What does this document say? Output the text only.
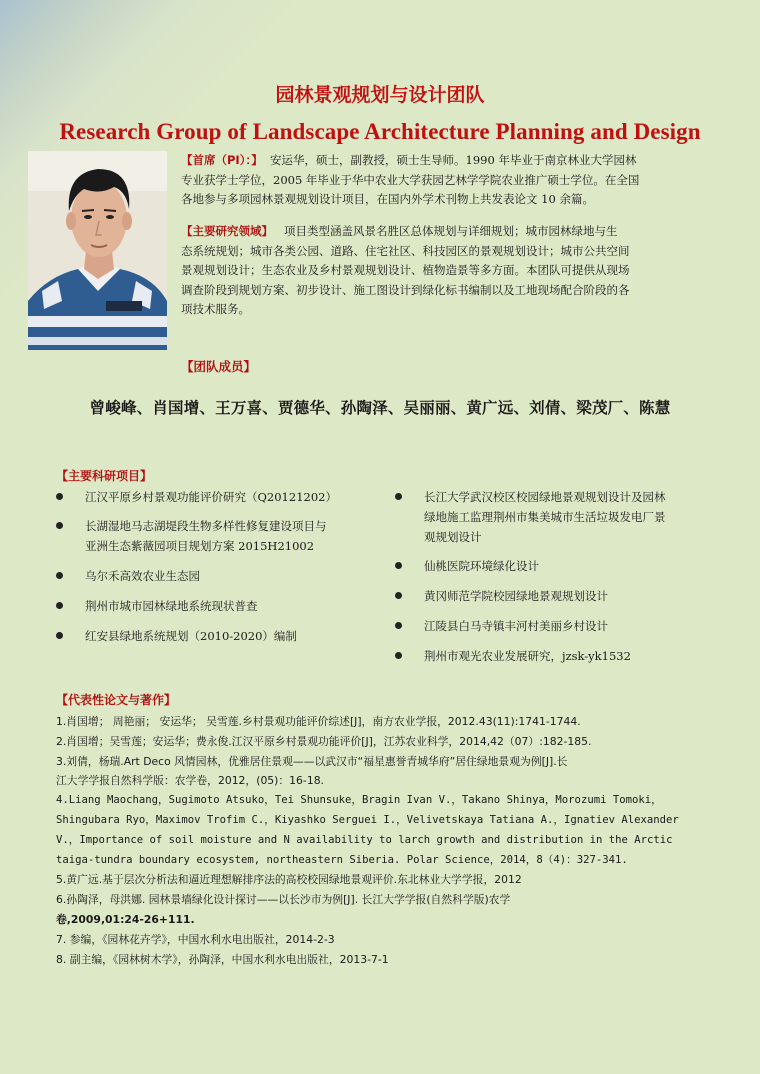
园林景观规划与设计团队
Research Group of Landscape Architecture Planning and Design
【首席（PI）：】 安运华，硕士，副教授，硕士生导师。1990 年毕业于南京林业大学园林
专业获学士学位，2005 年毕业于华中农业大学获园艺林学学院农业推广硕士学位。在全国
各地参与多项园林景观规划设计项目，在国内外学术刊物上共发表论文 10 余篇。
【主要研究领域】 项目类型涵盖风景名胜区总体规划与详细规划；城市园林绿地与生
态系统规划；城市各类公园、道路、住宅社区、科技园区的景观规划设计；城市公共空间
景观规划设计；生态农业及乡村景观规划设计、植物造景等多方面。本团队可提供从现场
调查阶段到规划方案、初步设计、施工图设计到绿化标书编制以及工地现场配合阶段的各
项技术服务。
【团队成员】
曾峻峰、肖国增、王万喜、贾德华、孙陶泽、吴丽丽、黄广远、刘倩、梁茂厂、陈慧
【主要科研项目】
江汉平原乡村景观功能评价研究（Q20121202）
长湖湿地马志湖堤段生物多样性修复建设项目与
亚洲生态紫薇园项目规划方案 2015H21002
乌尔禾高效农业生态园
荆州市城市园林绿地系统现状普查
红安县绿地系统规划（2010-2020）编制
长江大学武汉校区校园绿地景观规划设计及园林
绿地施工监理荆州市集美城市生活垃圾发电厂景
观规划设计
仙桃医院环境绿化设计
黄冈师范学院校园绿地景观规划设计
江陵县白马寺镇丰河村美丽乡村设计
荆州市观光农业发展研究，jzsk-yk1532
【代表性论文与著作】
1.肖国增； 周艳丽； 安运华； 吴雪莲.乡村景观功能评价综述[J]，南方农业学报，2012.43(11):1741-1744.
2.肖国增；吴雪莲；安运华；费永俊.江汉平原乡村景观功能评价[J]，江苏农业科学，2014,42（07）:182-185.
3.刘倩，杨瑞.Art Deco 风情园林，优雅居住景观——以武汉市“福星惠誉青城华府”居住绿地景观为例[J].长
江大学学报自然科学版：农学卷，2012，(05)：16-18.
4.Liang Maochang，Sugimoto Atsuko，Tei Shunsuke，Bragin Ivan V.，Takano Shinya，Morozumi Tomoki，
Shingubara Ryo，Maximov Trofim C.，Kiyashko Serguei I.，Velivetskaya Tatiana A.，Ignatiev Alexander
V.，Importance of soil moisture and N availability to larch growth and distribution in the Arctic
taiga-tundra boundary ecosystem, northeastern Siberia. Polar Science，2014，8（4)：327-341.
5.黄广远.基于层次分析法和逼近理想解排序法的高校校园绿地景观评价.东北林业大学学报，2012
6.孙陶泽，母洪娜. 园林景墙绿化设计探讨——以长沙市为例[J]. 长江大学学报(自然科学版)农学
卷,2009,01:24-26+111.
7. 参编，《园林花卉学》，中国水利水电出版社，2014-2-3
8. 副主编，《园林树木学》，孙陶泽，中国水利水电出版社，2013-7-1
